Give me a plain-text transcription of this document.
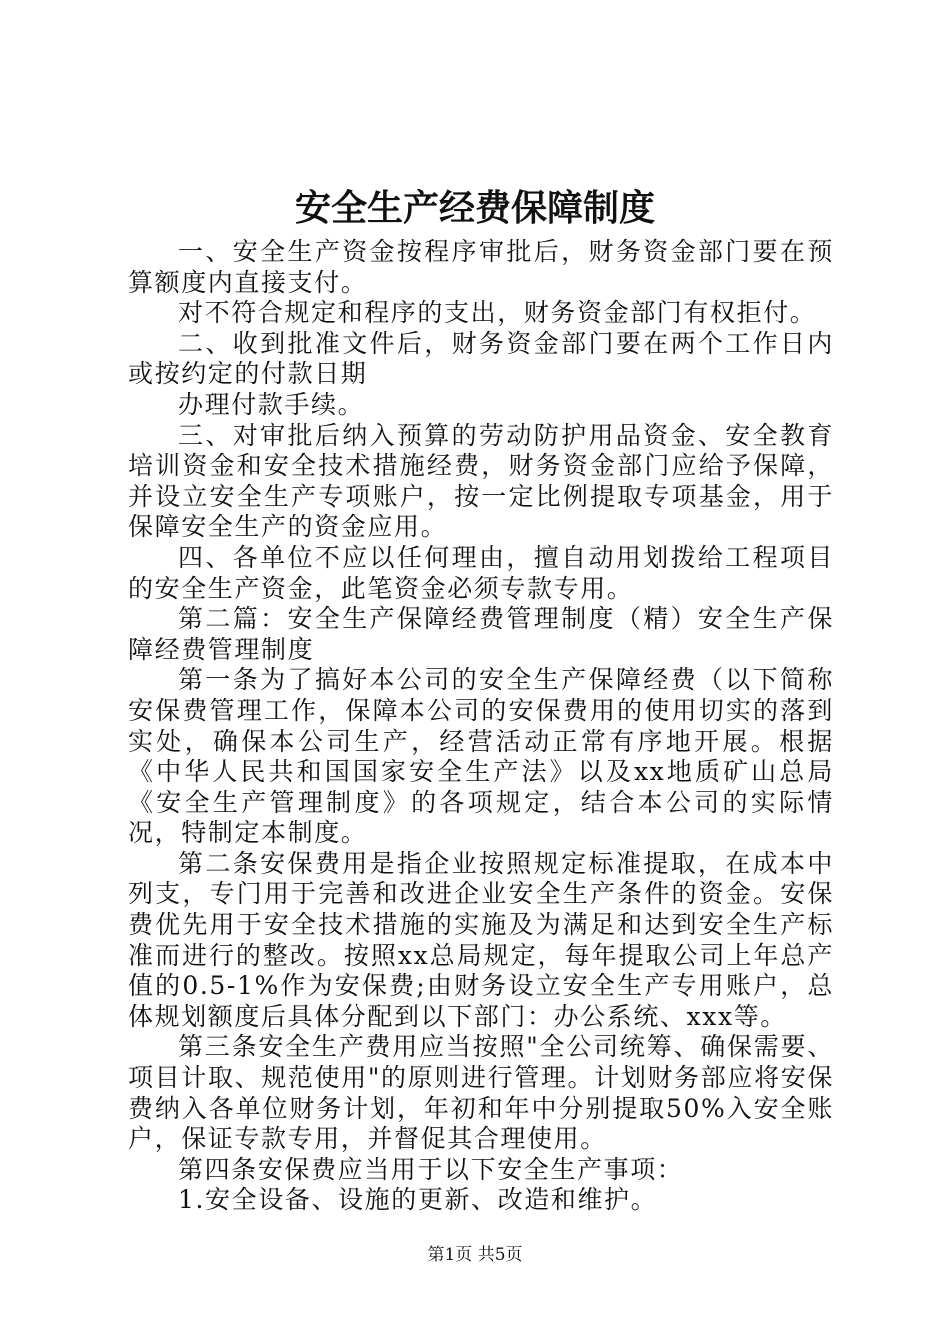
安全生产经费保障制度

一、安全生产资金按程序审批后，财务资金部门要在预算额度内直接支付。

对不符合规定和程序的支出，财务资金部门有权拒付。

二、收到批准文件后，财务资金部门要在两个工作日内或按约定的付款日期

办理付款手续。

三、对审批后纳入预算的劳动防护用品资金、安全教育培训资金和安全技术措施经费，财务资金部门应给予保障，并设立安全生产专项账户，按一定比例提取专项基金，用于保障安全生产的资金应用。

四、各单位不应以任何理由，擅自动用划拨给工程项目的安全生产资金，此笔资金必须专款专用。

第二篇：安全生产保障经费管理制度（精）安全生产保障经费管理制度

第一条为了搞好本公司的安全生产保障经费（以下简称安保费管理工作，保障本公司的安保费用的使用切实的落到实处，确保本公司生产，经营活动正常有序地开展。根据《中华人民共和国国家安全生产法》以及xx地质矿山总局《安全生产管理制度》的各项规定，结合本公司的实际情况，特制定本制度。

第二条安保费用是指企业按照规定标准提取，在成本中列支，专门用于完善和改进企业安全生产条件的资金。安保费优先用于安全技术措施的实施及为满足和达到安全生产标准而进行的整改。按照xx总局规定，每年提取公司上年总产值的0.5-1%作为安保费;由财务设立安全生产专用账户，总体规划额度后具体分配到以下部门：办公系统、xxx等。

第三条安全生产费用应当按照"全公司统筹、确保需要、项目计取、规范使用"的原则进行管理。计划财务部应将安保费纳入各单位财务计划，年初和年中分别提取50%入安全账户，保证专款专用，并督促其合理使用。

第四条安保费应当用于以下安全生产事项：

1.安全设备、设施的更新、改造和维护。

第1页 共5页
